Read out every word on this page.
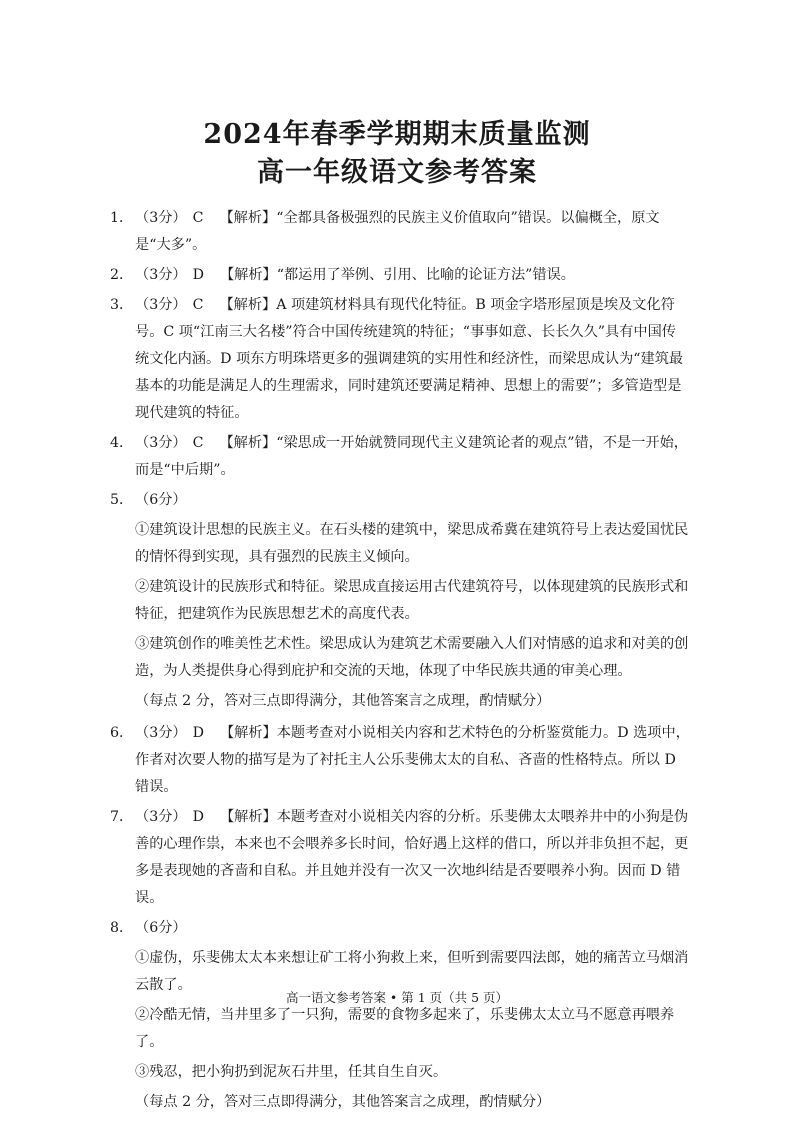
2024年春季学期期末质量监测
高一年级语文参考答案
1． （3分） C 【解析】“全都具备极强烈的民族主义价值取向”错误。以偏概全，原文是“大多”。
2． （3分） D 【解析】“都运用了举例、引用、比喻的论证方法”错误。
3． （3分） C 【解析】A 项建筑材料具有现代化特征。B 项金字塔形屋顶是埃及文化符号。C 项“江南三大名楼”符合中国传统建筑的特征；“事事如意、长长久久”具有中国传统文化内涵。D 项东方明珠塔更多的强调建筑的实用性和经济性，而梁思成认为“建筑最基本的功能是满足人的生理需求，同时建筑还要满足精神、思想上的需要”；多管造型是现代建筑的特征。
4． （3分） C 【解析】“梁思成一开始就赞同现代主义建筑论者的观点”错，不是一开始，而是“中后期”。
5． （6分）
①建筑设计思想的民族主义。在石头楼的建筑中，梁思成希冀在建筑符号上表达爱国忧民的情怀得到实现，具有强烈的民族主义倾向。
②建筑设计的民族形式和特征。梁思成直接运用古代建筑符号，以体现建筑的民族形式和特征，把建筑作为民族思想艺术的高度代表。
③建筑创作的唯美性艺术性。梁思成认为建筑艺术需要融入人们对情感的追求和对美的创造，为人类提供身心得到庇护和交流的天地，体现了中华民族共通的审美心理。
（每点 2 分，答对三点即得满分，其他答案言之成理，酌情赋分）
6． （3分） D 【解析】本题考查对小说相关内容和艺术特色的分析鉴赏能力。D 选项中，作者对次要人物的描写是为了衬托主人公乐斐佛太太的自私、吝啬的性格特点。所以 D 错误。
7． （3分） D 【解析】本题考查对小说相关内容的分析。乐斐佛太太喂养井中的小狗是伪善的心理作祟，本来也不会喂养多长时间，恰好遇上这样的借口，所以并非负担不起，更多是表现她的吝啬和自私。并且她并没有一次又一次地纠结是否要喂养小狗。因而 D 错误。
8． （6分）
①虚伪，乐斐佛太太本来想让矿工将小狗救上来，但听到需要四法郎，她的痛苦立马烟消云散了。
②冷酷无情，当井里多了一只狗，需要的食物多起来了，乐斐佛太太立马不愿意再喂养了。
③残忍，把小狗扔到泥灰石井里，任其自生自灭。
（每点 2 分，答对三点即得满分，其他答案言之成理，酌情赋分）
高一语文参考答案 • 第 1 页（共 5 页）
